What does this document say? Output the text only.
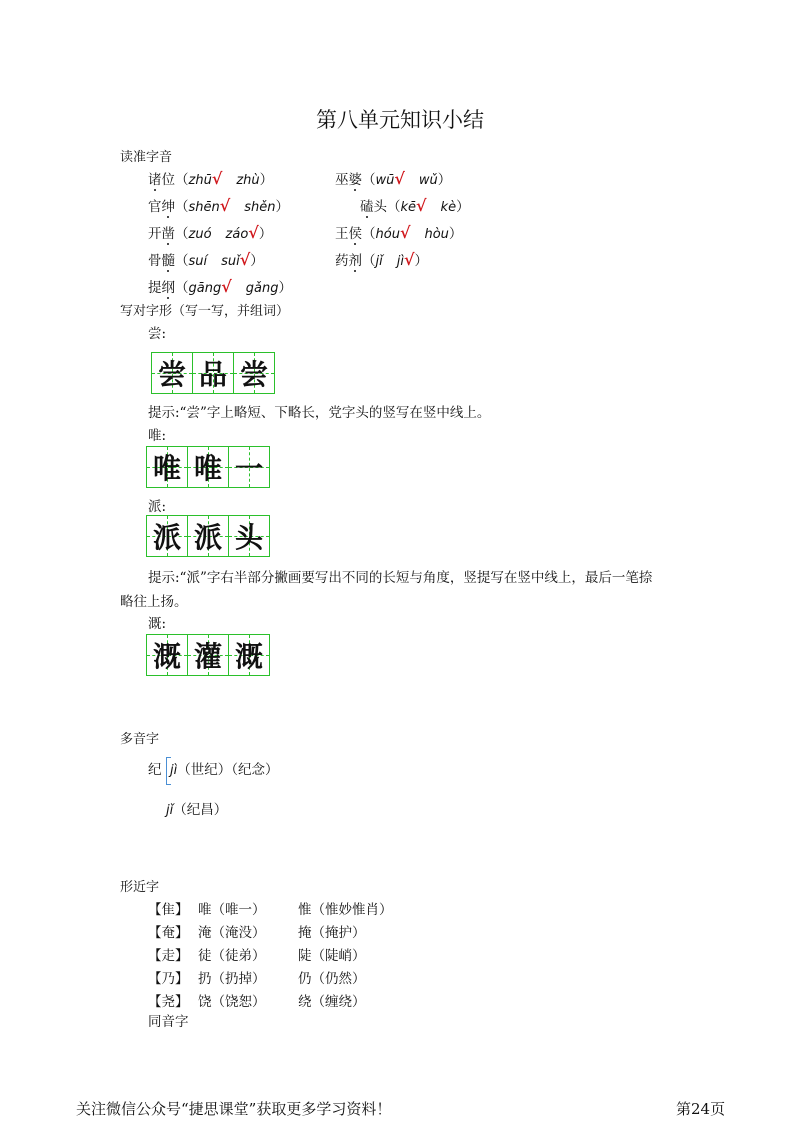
第八单元知识小结
读准字音
诸位（zhū√ zhù）	巫婆（wū√ wǔ）
官绅（shēn√ shěn）	磕头（kē√ kè）
开凿（zuó záo√）	王侯（hóu√ hòu）
骨髓（suí suǐ√）	药剂（jǐ jì√）
提纲（gāng√ gǎng）
写对字形（写一写，并组词）
尝:
尝 品 尝
提示:“尝”字上略短、下略长，党字头的竖写在竖中线上。
唯:
唯 唯 一
派:
派 派 头
提示:“派”字右半部分撇画要写出不同的长短与角度，竖提写在竖中线上，最后一笔捺
略往上扬。
溉:
溉 灌 溉
多音字
纪 jì（世纪）（纪念）
jǐ（纪昌）
形近字
【隹】 唯（唯一） 惟（惟妙惟肖）
【奄】 淹（淹没） 掩（掩护）
【走】 徒（徒弟） 陡（陡峭）
【乃】 扔（扔掉） 仍（仍然）
【尧】 饶（饶恕） 绕（缠绕）
同音字
关注微信公众号“捷思课堂”获取更多学习资料！	第24页
